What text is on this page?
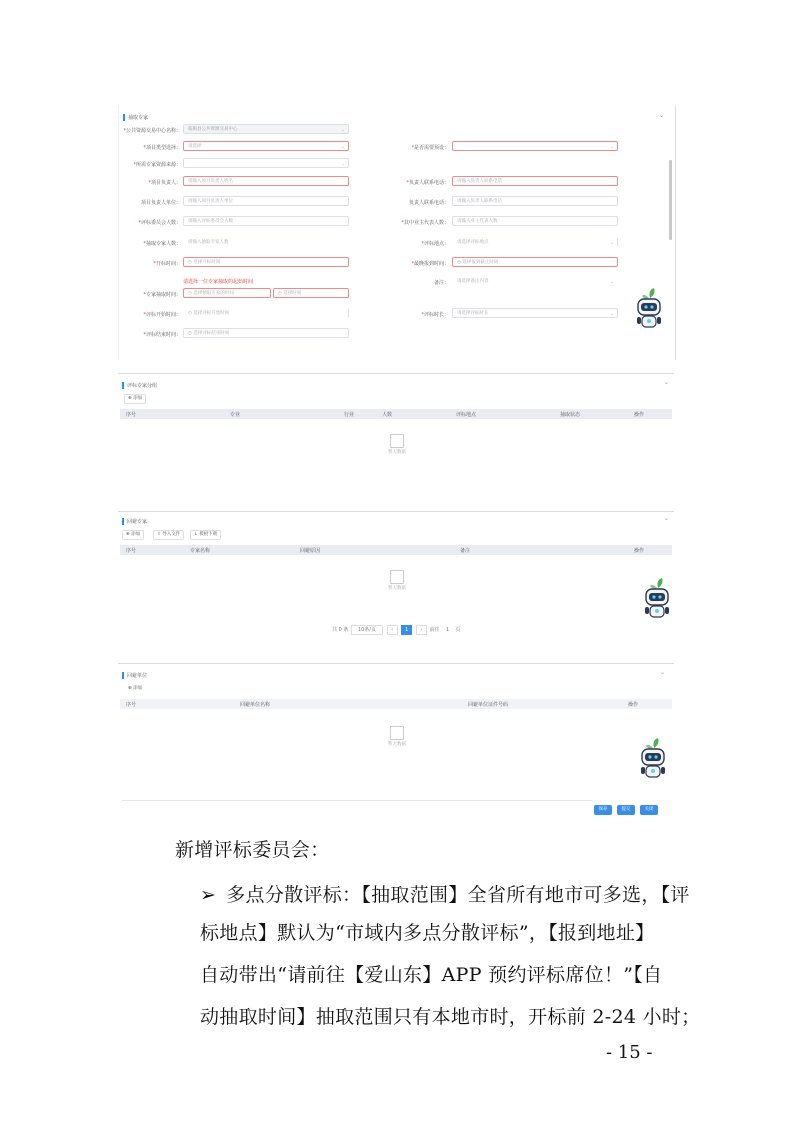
抽取专家	⌄
*公共资源交易中心名称：	临朐县公共资源交易中心	⌄
*项目类型选择：	请选择	⌄	*是否需要预设：	⌄
*所需专家资源来源：	⌄
*项目负责人：	请输入项目负责人姓名	*负责人联系电话：	请输入负责人联系电话
项目负责人单位：	请输入项目负责人单位	负责人联系电话：	请输入负责人联系电话
*评标委员会人数：	请输入评标委员会人数	*其中业主代表人数：	请输入业主代表人数
*抽取专家人数：	请输入抽取专家人数	*评标地点：	请选择评标地点	⌄
*开标时间：	◷ 选择开标时间	*最晚报到时间：	◷ 选择报到截止时间
请选择一位专家抽取的起始时间
*专家抽取时间：	◷ 选择抽取专家的时间	◷ 选择时间
备注：	请选择备注内容	⌄
*评标开始时间：	◷ 选择评标开始时间	*评标时长：	请选择评标时长	⌄
*评标结束时间：	◷ 选择评标结束时间
评标专家分组	⌄
⊕ 添加
序号	专业	行业	人数	评标地点	抽取状态	操作
暂无数据
回避专家	⌄
⊕ 添加	⇪ 导入文件	↓ 模板下载
序号	专家名称	回避原因	备注	操作
暂无数据
共 0 条 10条/页	‹ 1 › 前往 1 页
回避单位	⌄
⊕ 添加
序号	回避单位名称	回避单位证件号码	操作
暂无数据
保存	提交	关闭
新增评标委员会：
➢ 多点分散评标：【抽取范围】全省所有地市可多选，【评
标地点】默认为“市域内多点分散评标”，【报到地址】
自动带出“请前往【爱山东】APP 预约评标席位！”【自
动抽取时间】抽取范围只有本地市时，开标前 2-24 小时；
- 15 -
